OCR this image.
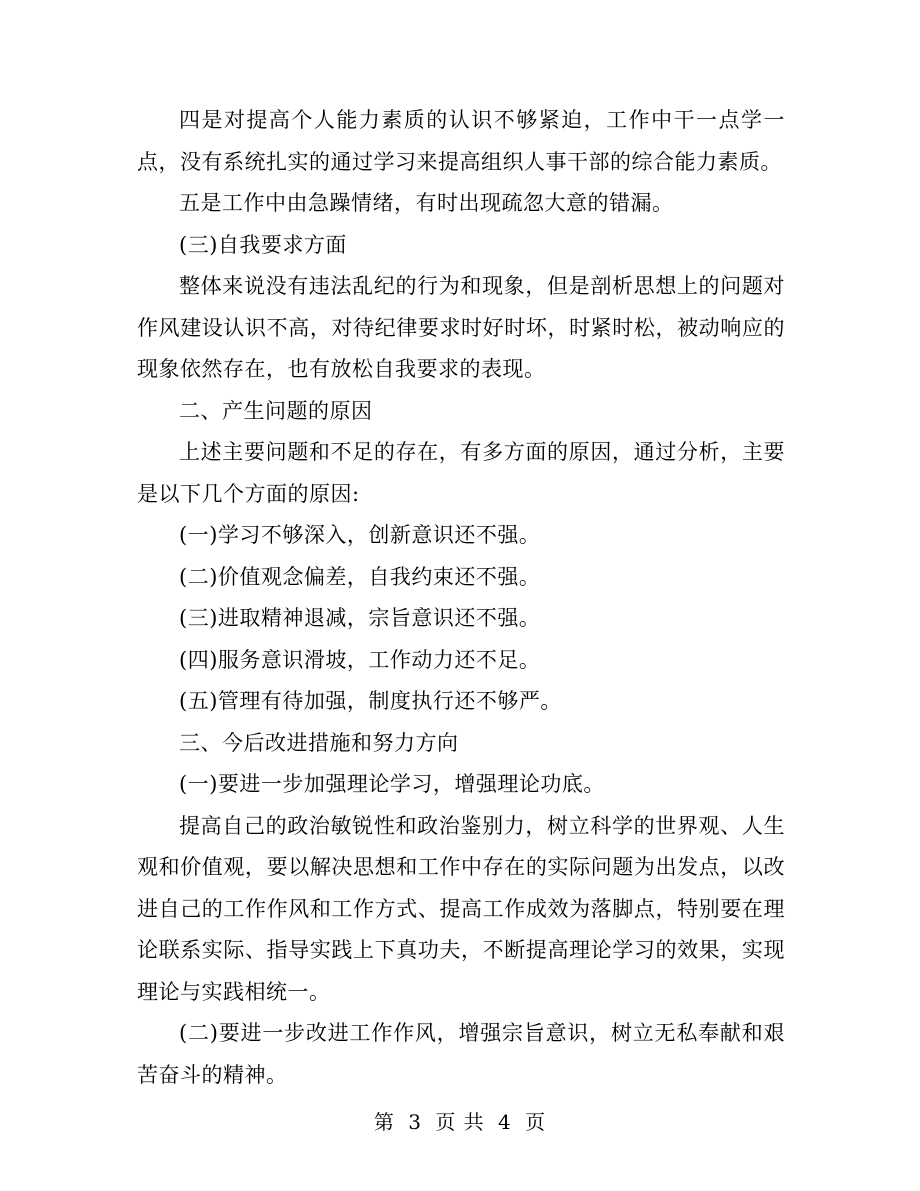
四是对提高个人能力素质的认识不够紧迫，工作中干一点学一点，没有系统扎实的通过学习来提高组织人事干部的综合能力素质。

五是工作中由急躁情绪，有时出现疏忽大意的错漏。

(三)自我要求方面

整体来说没有违法乱纪的行为和现象，但是剖析思想上的问题对作风建设认识不高，对待纪律要求时好时坏，时紧时松，被动响应的现象依然存在，也有放松自我要求的表现。

二、产生问题的原因

上述主要问题和不足的存在，有多方面的原因，通过分析，主要是以下几个方面的原因:

(一)学习不够深入，创新意识还不强。

(二)价值观念偏差，自我约束还不强。

(三)进取精神退减，宗旨意识还不强。

(四)服务意识滑坡，工作动力还不足。

(五)管理有待加强，制度执行还不够严。

三、今后改进措施和努力方向

(一)要进一步加强理论学习，增强理论功底。

提高自己的政治敏锐性和政治鉴别力，树立科学的世界观、人生观和价值观，要以解决思想和工作中存在的实际问题为出发点，以改进自己的工作作风和工作方式、提高工作成效为落脚点，特别要在理论联系实际、指导实践上下真功夫，不断提高理论学习的效果，实现理论与实践相统一。

(二)要进一步改进工作作风，增强宗旨意识，树立无私奉献和艰苦奋斗的精神。

第 3 页 共 4 页
